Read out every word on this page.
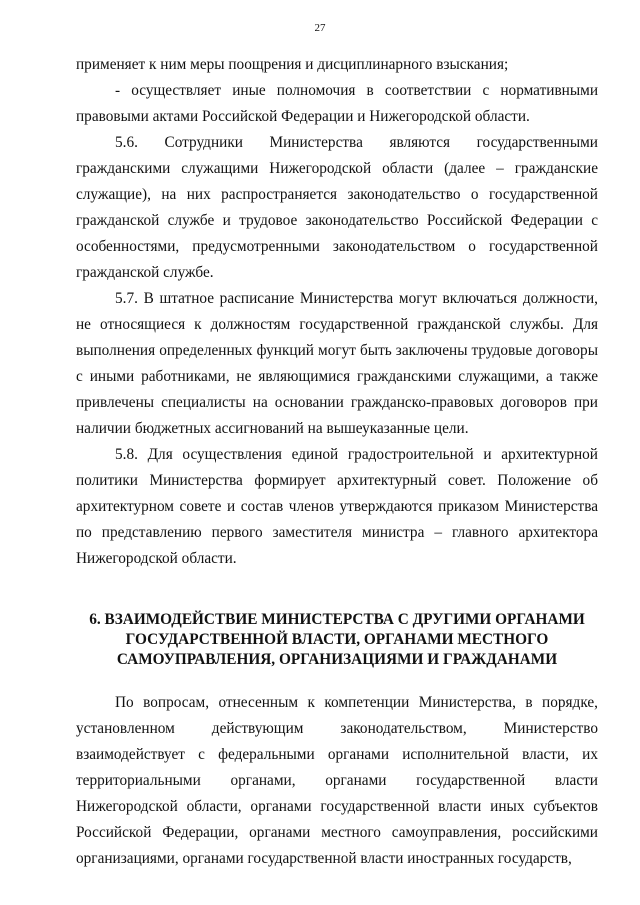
27

применяет к ним меры поощрения и дисциплинарного взыскания;

- осуществляет иные полномочия в соответствии с нормативными правовыми актами Российской Федерации и Нижегородской области.

5.6. Сотрудники Министерства являются государственными гражданскими служащими Нижегородской области (далее – гражданские служащие), на них распространяется законодательство о государственной гражданской службе и трудовое законодательство Российской Федерации с особенностями, предусмотренными законодательством о государственной гражданской службе.

5.7. В штатное расписание Министерства могут включаться должности, не относящиеся к должностям государственной гражданской службы. Для выполнения определенных функций могут быть заключены трудовые договоры с иными работниками, не являющимися гражданскими служащими, а также привлечены специалисты на основании гражданско-правовых договоров при наличии бюджетных ассигнований на вышеуказанные цели.

5.8. Для осуществления единой градостроительной и архитектурной политики Министерства формирует архитектурный совет. Положение об архитектурном совете и состав членов утверждаются приказом Министерства по представлению первого заместителя министра – главного архитектора Нижегородской области.

6. ВЗАИМОДЕЙСТВИЕ МИНИСТЕРСТВА С ДРУГИМИ ОРГАНАМИ
ГОСУДАРСТВЕННОЙ ВЛАСТИ, ОРГАНАМИ МЕСТНОГО
САМОУПРАВЛЕНИЯ, ОРГАНИЗАЦИЯМИ И ГРАЖДАНАМИ

По вопросам, отнесенным к компетенции Министерства, в порядке, установленном действующим законодательством, Министерство взаимодействует с федеральными органами исполнительной власти, их территориальными органами, органами государственной власти Нижегородской области, органами государственной власти иных субъектов Российской Федерации, органами местного самоуправления, российскими организациями, органами государственной власти иностранных государств,
